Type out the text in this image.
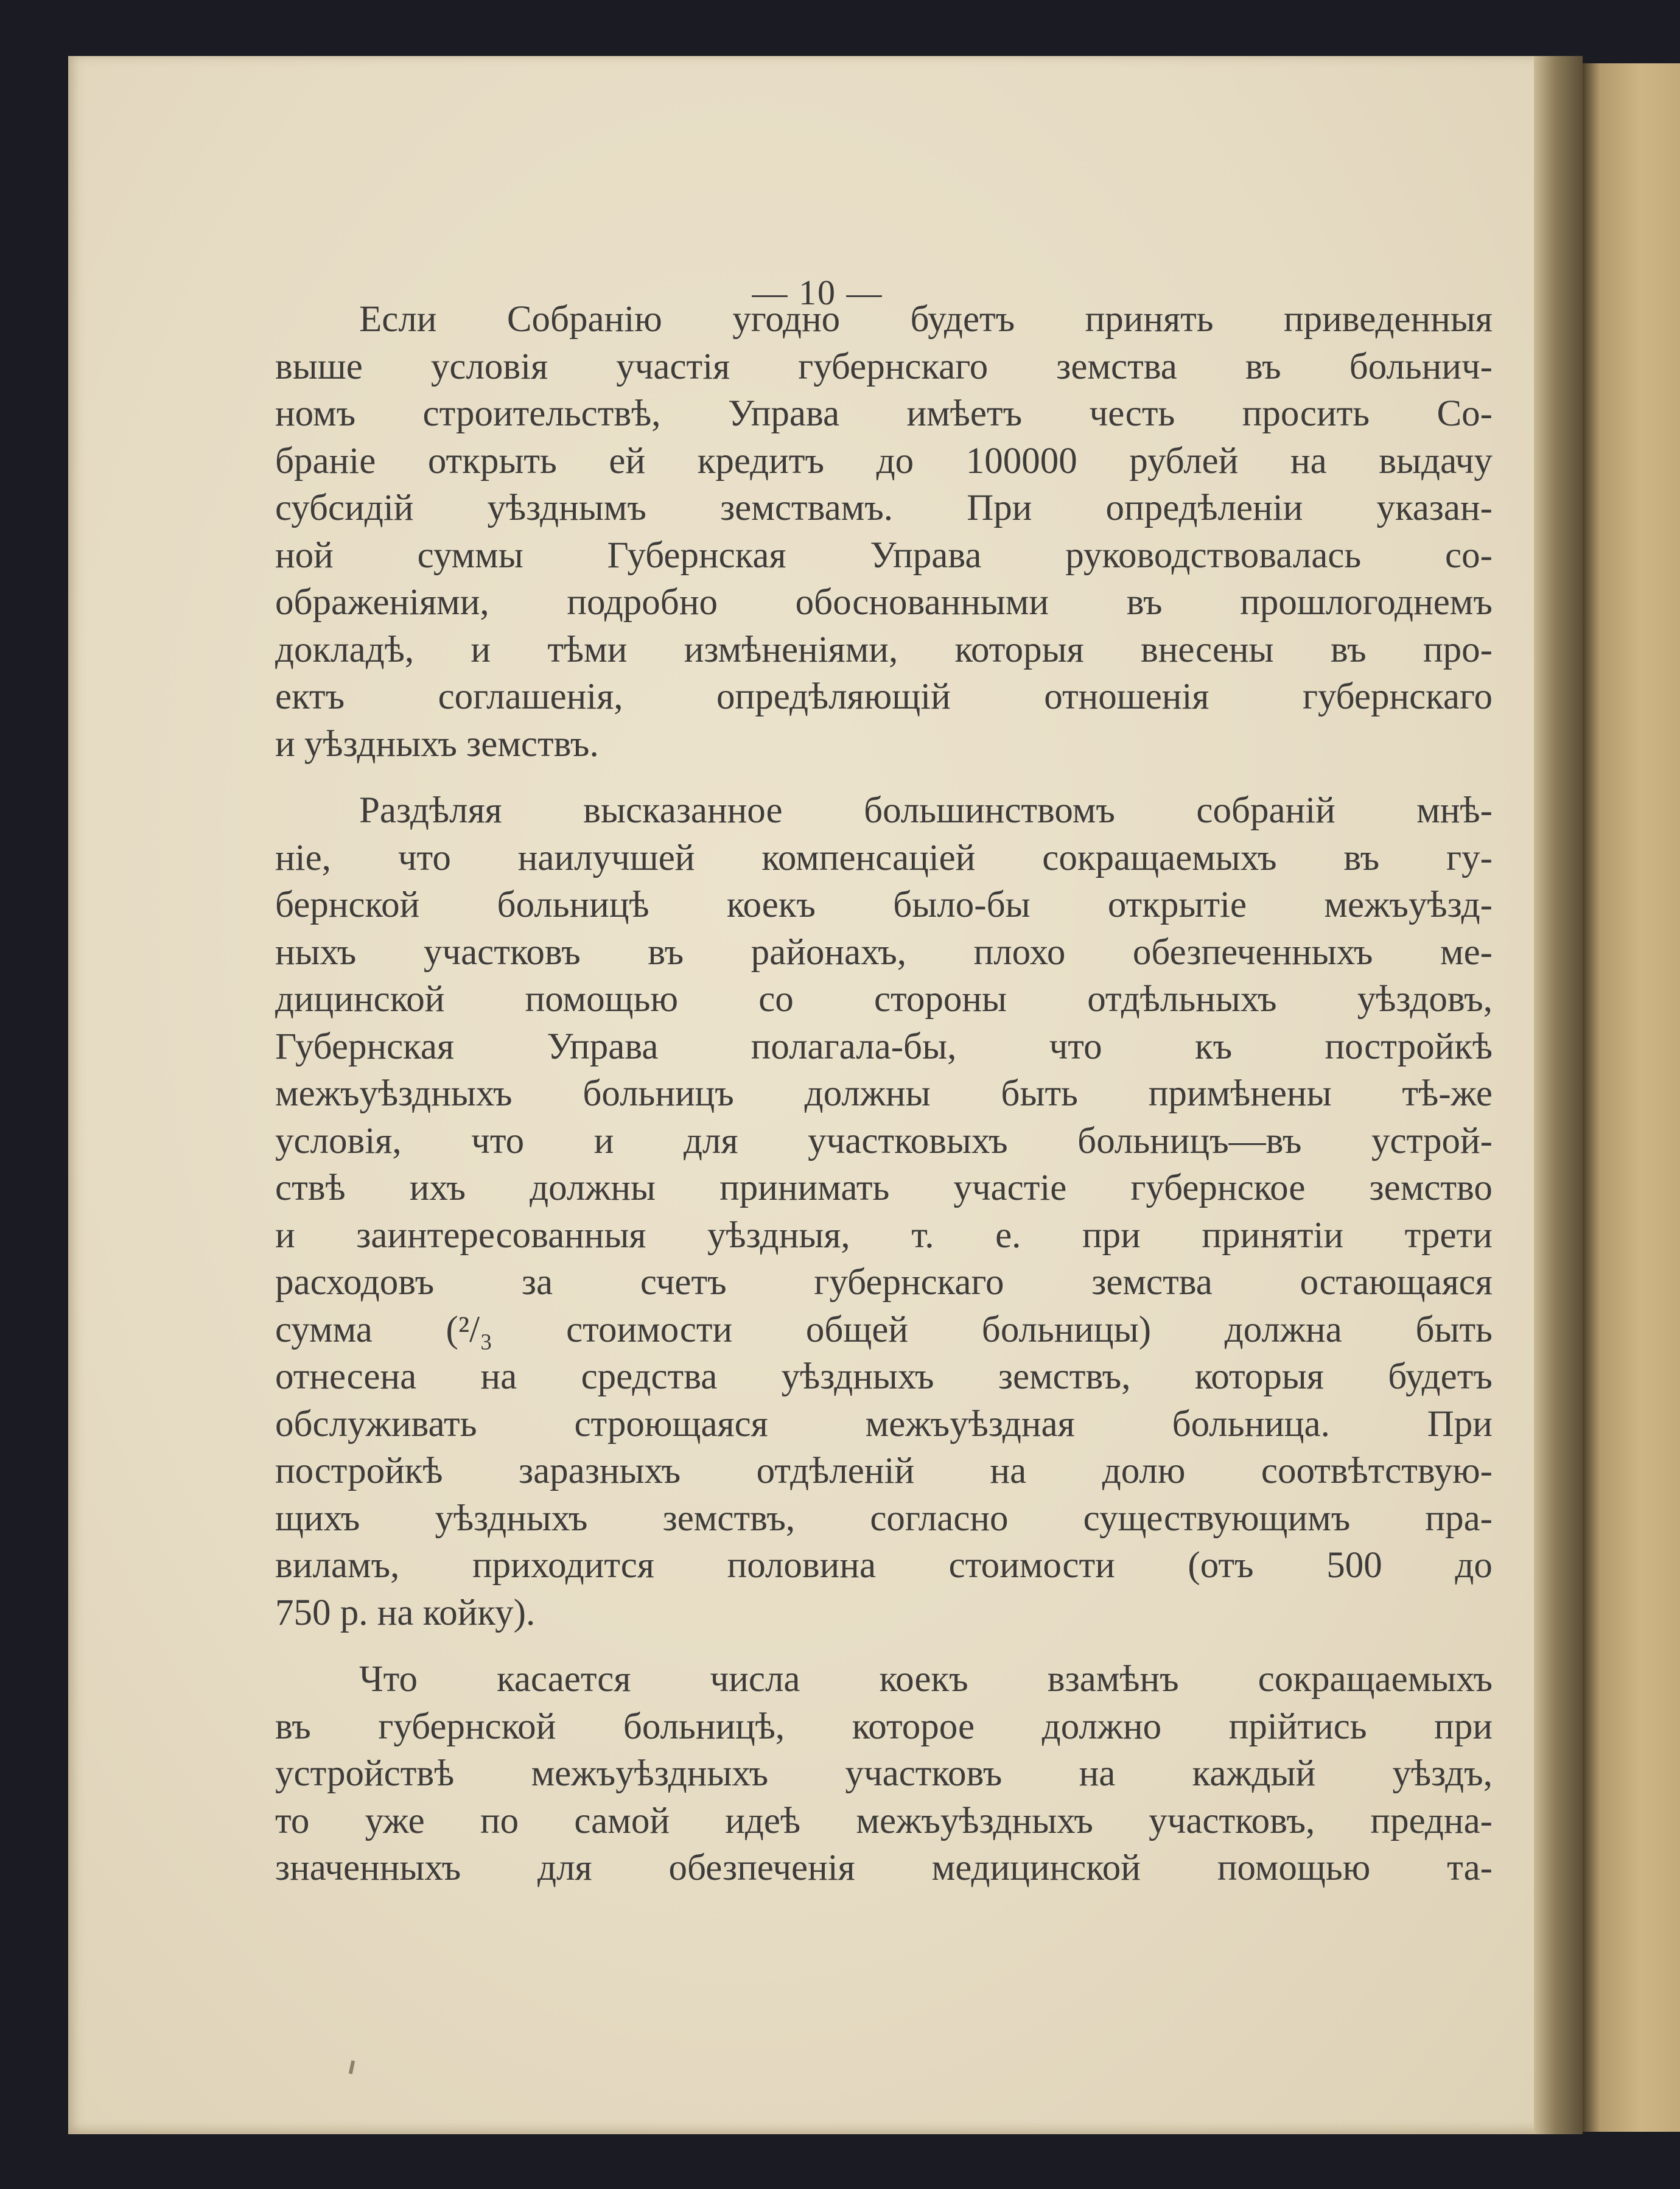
— 10 —
Если Собранію угодно будетъ принять приведенныя
выше условія участія губернскаго земства въ больнич-
номъ строительствѣ, Управа имѣетъ честь просить Со-
браніе открыть ей кредитъ до 100000 рублей на выдачу
субсидій уѣзднымъ земствамъ. При опредѣленіи указан-
ной суммы Губернская Управа руководствовалась со-
ображеніями, подробно обоснованными въ прошлогоднемъ
докладѣ, и тѣми измѣненіями, которыя внесены въ про-
ектъ	соглашенія,	опредѣляющій	отношенія	губернскаго
и уѣздныхъ земствъ.
Раздѣляя высказанное большинствомъ собраній мнѣ-
ніе, что наилучшей компенсаціей сокращаемыхъ въ гу-
бернской больницѣ коекъ было-бы открытіе межъуѣзд-
ныхъ участковъ въ районахъ, плохо обезпеченныхъ ме-
дицинской помощью со стороны отдѣльныхъ уѣздовъ,
Губернская Управа полагала-бы, что къ постройкѣ
межъуѣздныхъ больницъ должны быть примѣнены тѣ-же
условія, что и для участковыхъ больницъ—въ устрой-
ствѣ ихъ должны принимать участіе губернское земство
и заинтересованныя уѣздныя, т. е. при принятіи трети
расходовъ за счетъ губернскаго земства остающаяся
сумма (²/₃ стоимости общей больницы) должна быть
отнесена на средства уѣздныхъ земствъ, которыя будетъ
обслуживать	строющаяся	межъуѣздная	больница.	При
постройкѣ заразныхъ отдѣленій на долю соотвѣтствую-
щихъ уѣздныхъ земствъ, согласно существующимъ пра-
виламъ, приходится половина стоимости (отъ 500 до
750 р. на койку).
Что касается числа коекъ взамѣнъ сокращаемыхъ
въ губернской больницѣ, которое должно прійтись при
устройствѣ межъуѣздныхъ участковъ на каждый уѣздъ,
то уже по самой идеѣ межъуѣздныхъ участковъ, предна-
значенныхъ для обезпеченія медицинской помощью та-
